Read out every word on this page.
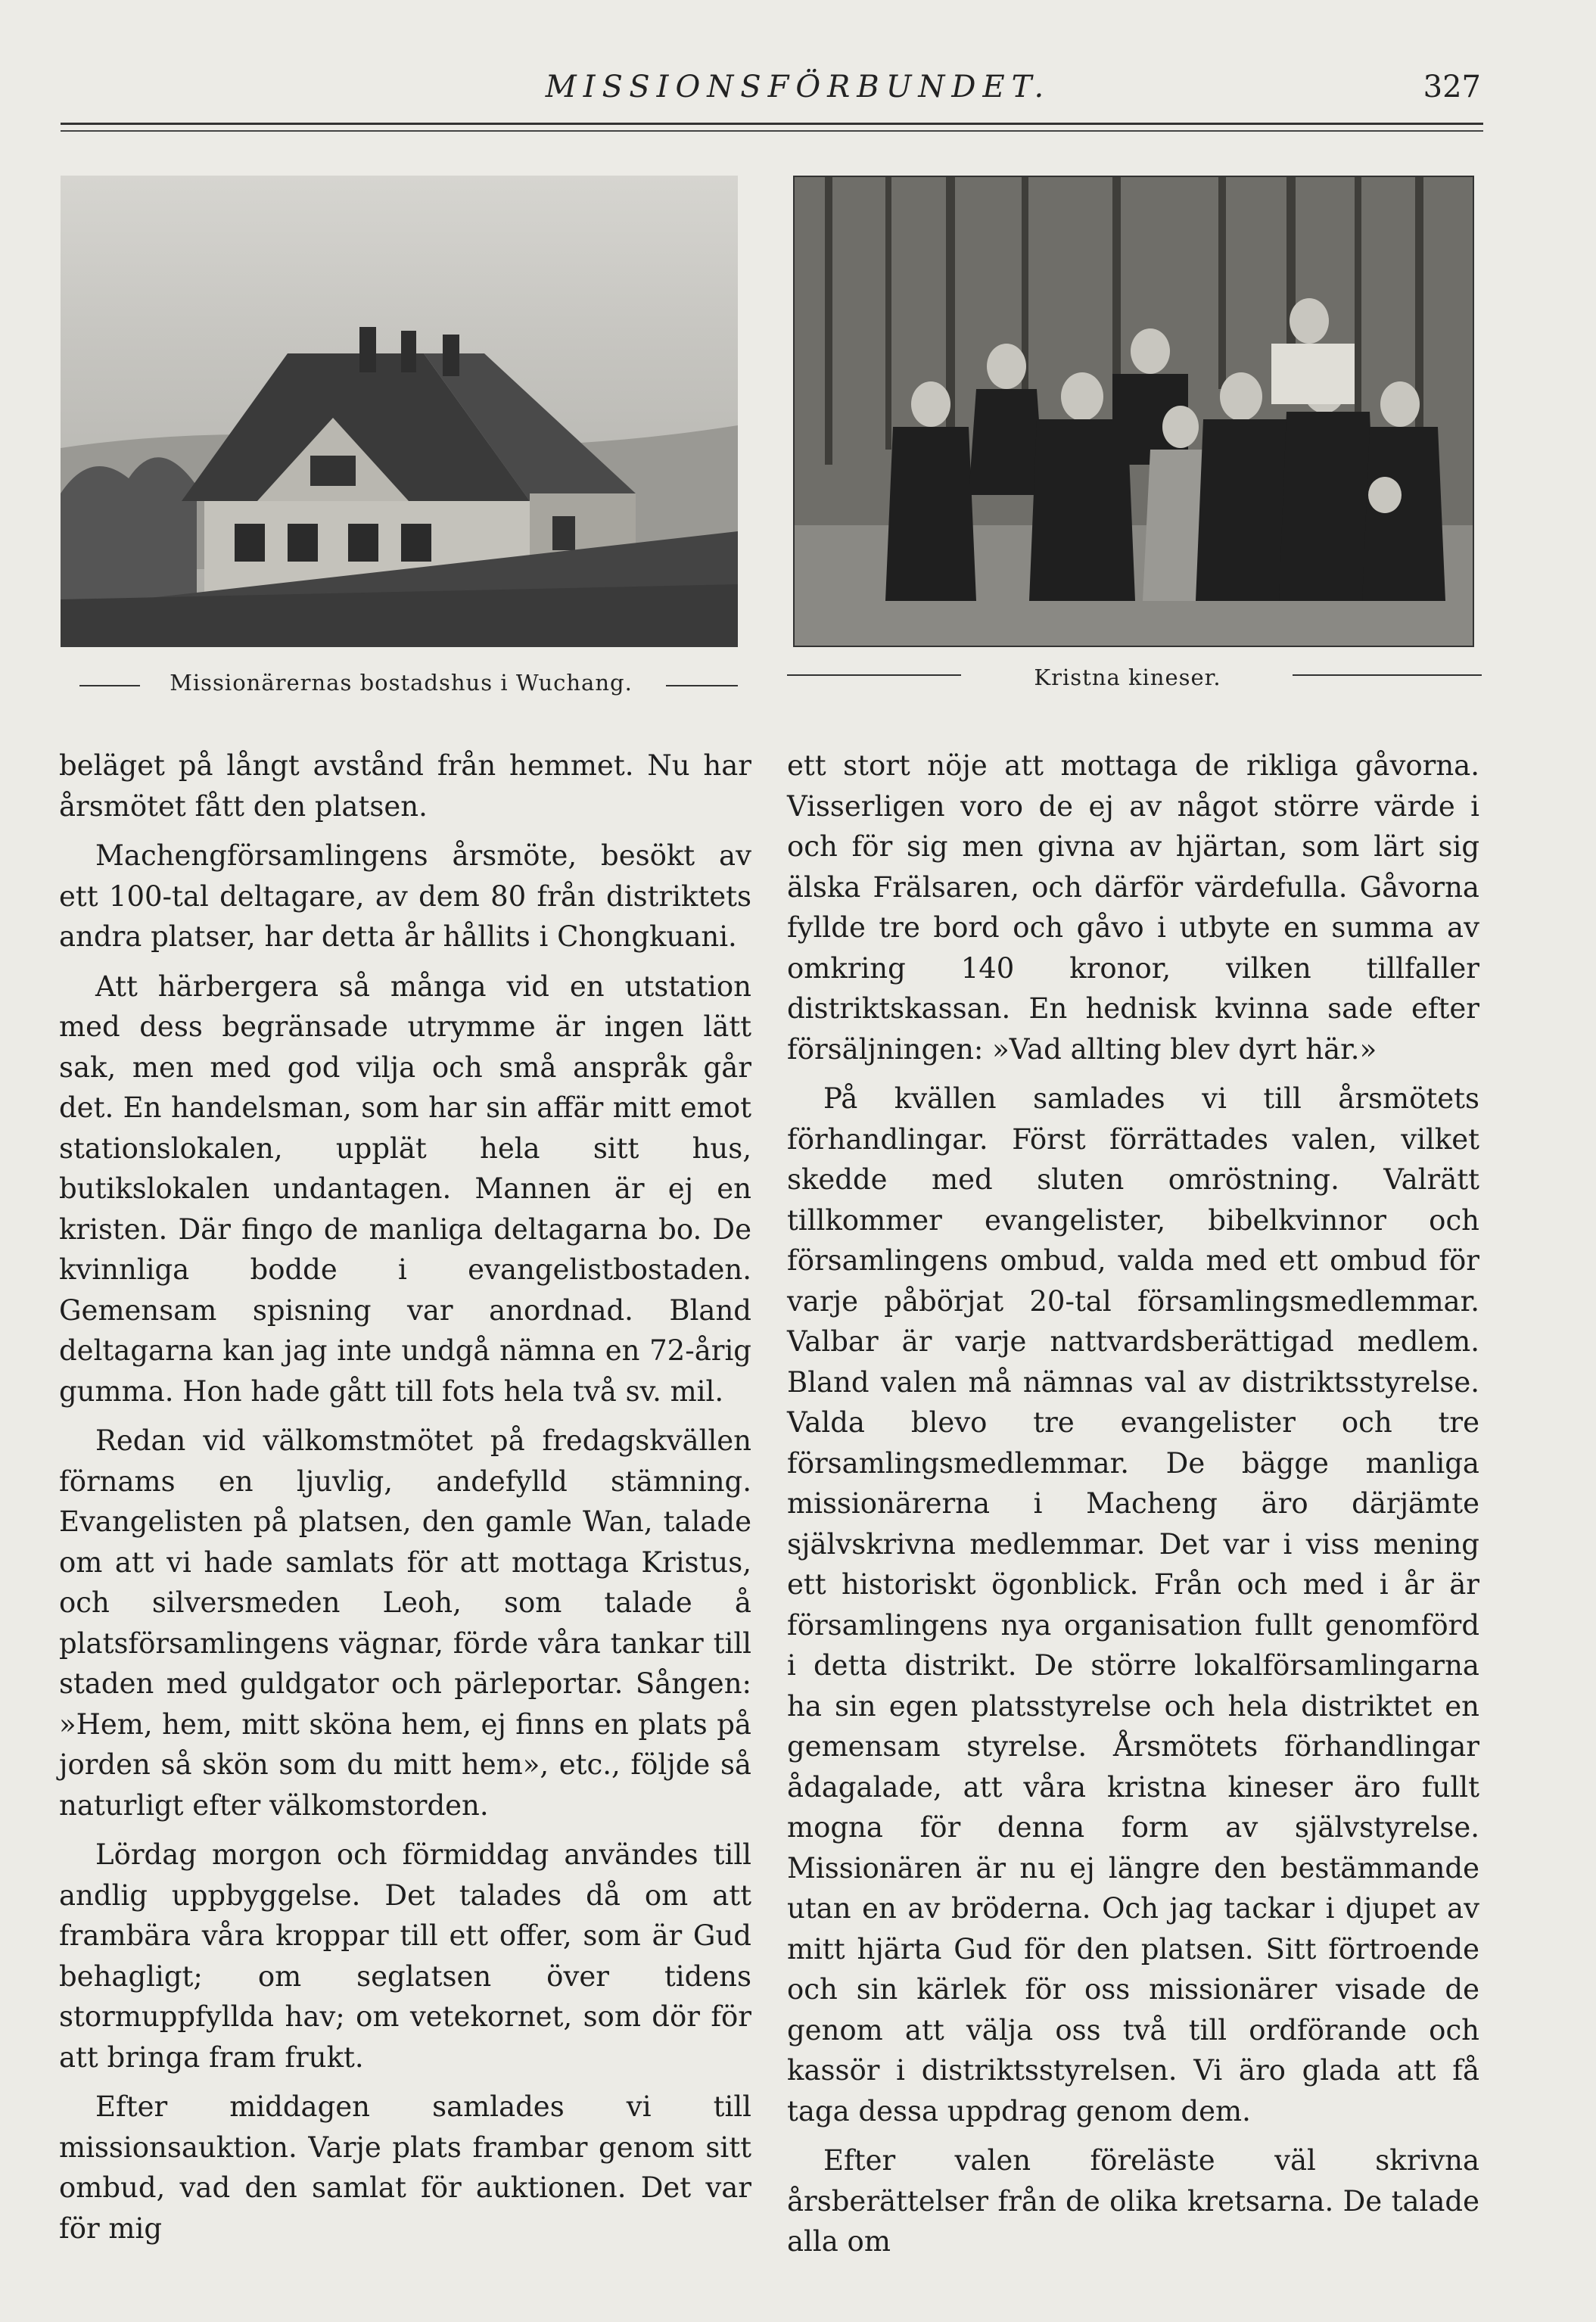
MISSIONSFÖRBUNDET.	327
Missionärernas bostadshus i Wuchang.	Kristna kineser.

beläget på långt avstånd från hemmet. Nu har årsmötet fått den platsen.

Machengförsamlingens årsmöte, besökt av ett 100-tal deltagare, av dem 80 från distriktets andra platser, har detta år hållits i Chongkuani.

Att härbergera så många vid en utstation med dess begränsade utrymme är ingen lätt sak, men med god vilja och små anspråk går det. En handelsman, som har sin affär mitt emot stationslokalen, upplät hela sitt hus, butikslokalen undantagen. Mannen är ej en kristen. Där fingo de manliga deltagarna bo. De kvinnliga bodde i evangelistbostaden. Gemensam spisning var anordnad. Bland deltagarna kan jag inte undgå nämna en 72-årig gumma. Hon hade gått till fots hela två sv. mil.

Redan vid välkomstmötet på fredagskvällen förnams en ljuvlig, andefylld stämning. Evangelisten på platsen, den gamle Wan, talade om att vi hade samlats för att mottaga Kristus, och silversmeden Leoh, som talade å platsförsamlingens vägnar, förde våra tankar till staden med guldgator och pärleportar. Sången: »Hem, hem, mitt sköna hem, ej finns en plats på jorden så skön som du mitt hem», etc., följde så naturligt efter välkomstorden.

Lördag morgon och förmiddag användes till andlig uppbyggelse. Det talades då om att frambära våra kroppar till ett offer, som är Gud behagligt; om seglatsen över tidens stormuppfyllda hav; om vetekornet, som dör för att bringa fram frukt.

Efter middagen samlades vi till missionsauktion. Varje plats frambar genom sitt ombud, vad den samlat för auktionen. Det var för mig

ett stort nöje att mottaga de rikliga gåvorna. Visserligen voro de ej av något större värde i och för sig men givna av hjärtan, som lärt sig älska Frälsaren, och därför värdefulla. Gåvorna fyllde tre bord och gåvo i utbyte en summa av omkring 140 kronor, vilken tillfaller distriktskassan. En hednisk kvinna sade efter försäljningen: »Vad allting blev dyrt här.»

På kvällen samlades vi till årsmötets förhandlingar. Först förrättades valen, vilket skedde med sluten omröstning. Valrätt tillkommer evangelister, bibelkvinnor och församlingens ombud, valda med ett ombud för varje påbörjat 20-tal församlingsmedlemmar. Valbar är varje nattvardsberättigad medlem. Bland valen må nämnas val av distriktsstyrelse. Valda blevo tre evangelister och tre församlingsmedlemmar. De bägge manliga missionärerna i Macheng äro därjämte självskrivna medlemmar. Det var i viss mening ett historiskt ögonblick. Från och med i år är församlingens nya organisation fullt genomförd i detta distrikt. De större lokalförsamlingarna ha sin egen platsstyrelse och hela distriktet en gemensam styrelse. Årsmötets förhandlingar ådagalade, att våra kristna kineser äro fullt mogna för denna form av självstyrelse. Missionären är nu ej längre den bestämmande utan en av bröderna. Och jag tackar i djupet av mitt hjärta Gud för den platsen. Sitt förtroende och sin kärlek för oss missionärer visade de genom att välja oss två till ordförande och kassör i distriktsstyrelsen. Vi äro glada att få taga dessa uppdrag genom dem.

Efter valen föreläste väl skrivna årsberättelser från de olika kretsarna. De talade alla om
